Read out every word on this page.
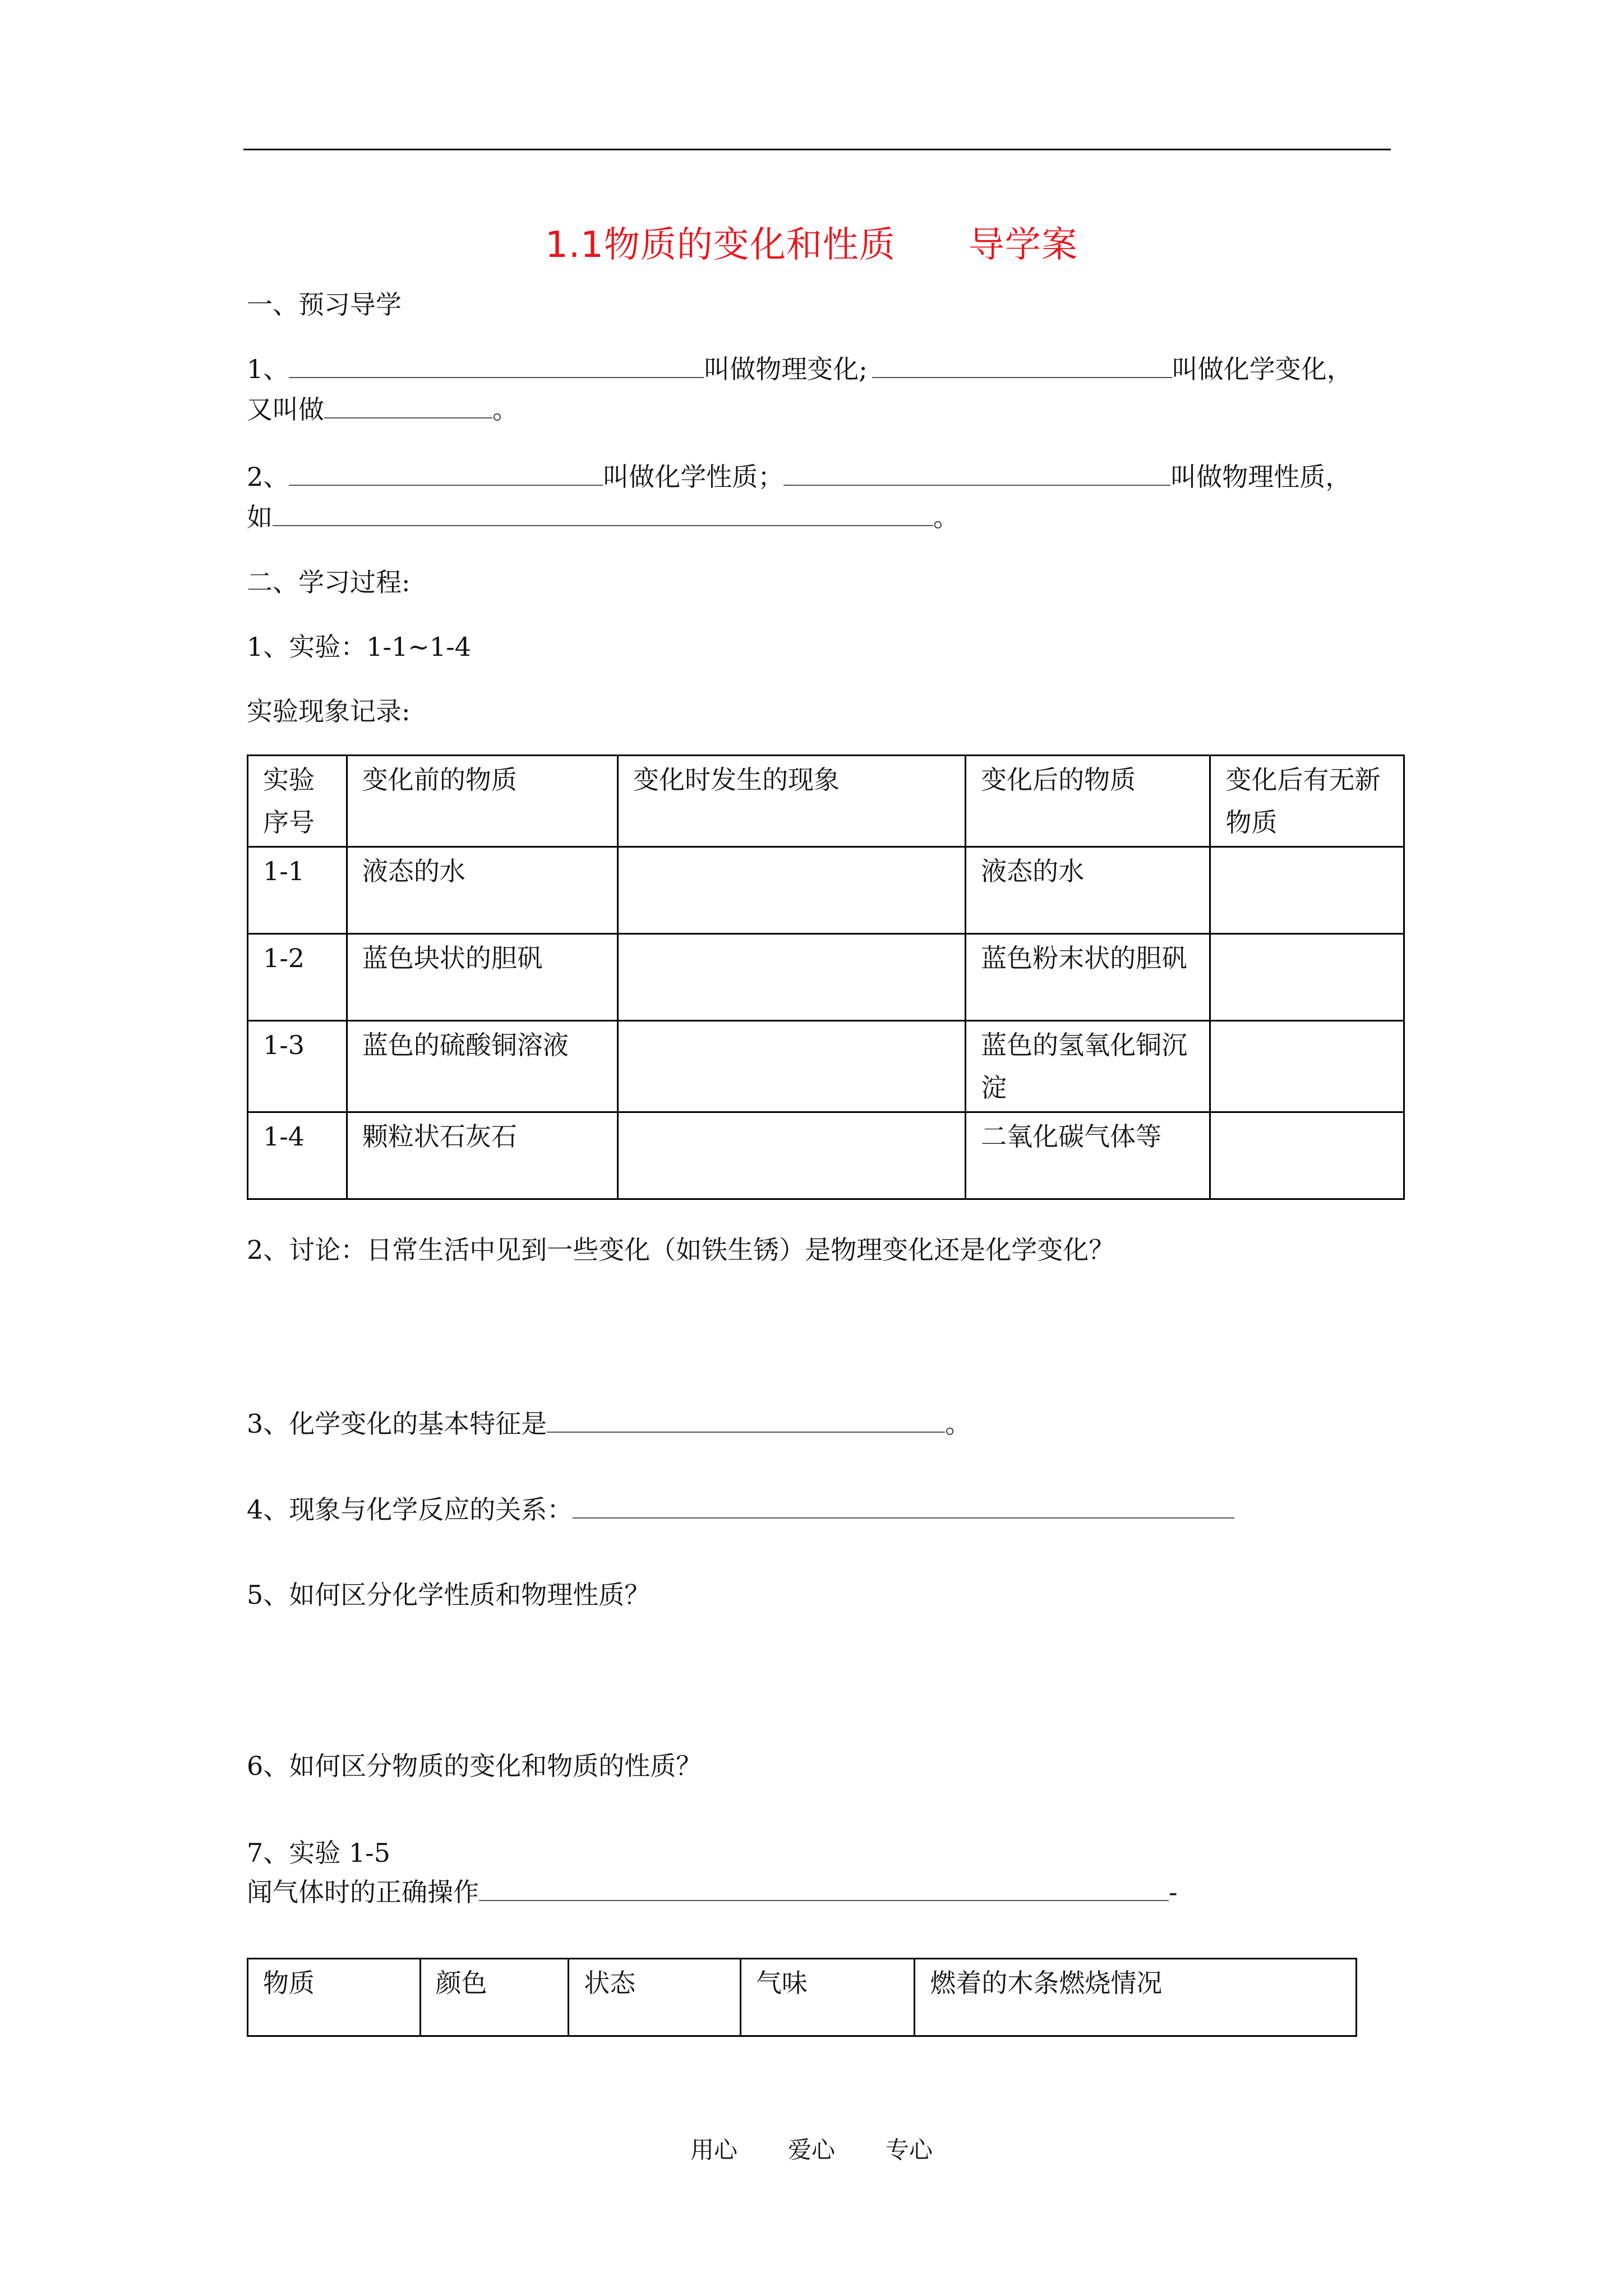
1.1物质的变化和性质　　导学案
一、预习导学
1、	叫做物理变化;	叫做化学变化，
又叫做	。
2、	叫做化学性质；	叫做物理性质，
如	。
二、学习过程:
1、实验：1-1~1-4
实验现象记录:
实验序号	变化前的物质	变化时发生的现象	变化后的物质	变化后有无新物质
1-1	液态的水		液态的水	
1-2	蓝色块状的胆矾		蓝色粉末状的胆矾	
1-3	蓝色的硫酸铜溶液		蓝色的氢氧化铜沉淀	
1-4	颗粒状石灰石		二氧化碳气体等	
2、讨论：日常生活中见到一些变化（如铁生锈）是物理变化还是化学变化？
3、化学变化的基本特征是	。
4、现象与化学反应的关系：
5、如何区分化学性质和物理性质？
6、如何区分物质的变化和物质的性质？
7、实验 1-5
闻气体时的正确操作	-
物质	颜色	状态	气味	燃着的木条燃烧情况
用心 爱心 专心
